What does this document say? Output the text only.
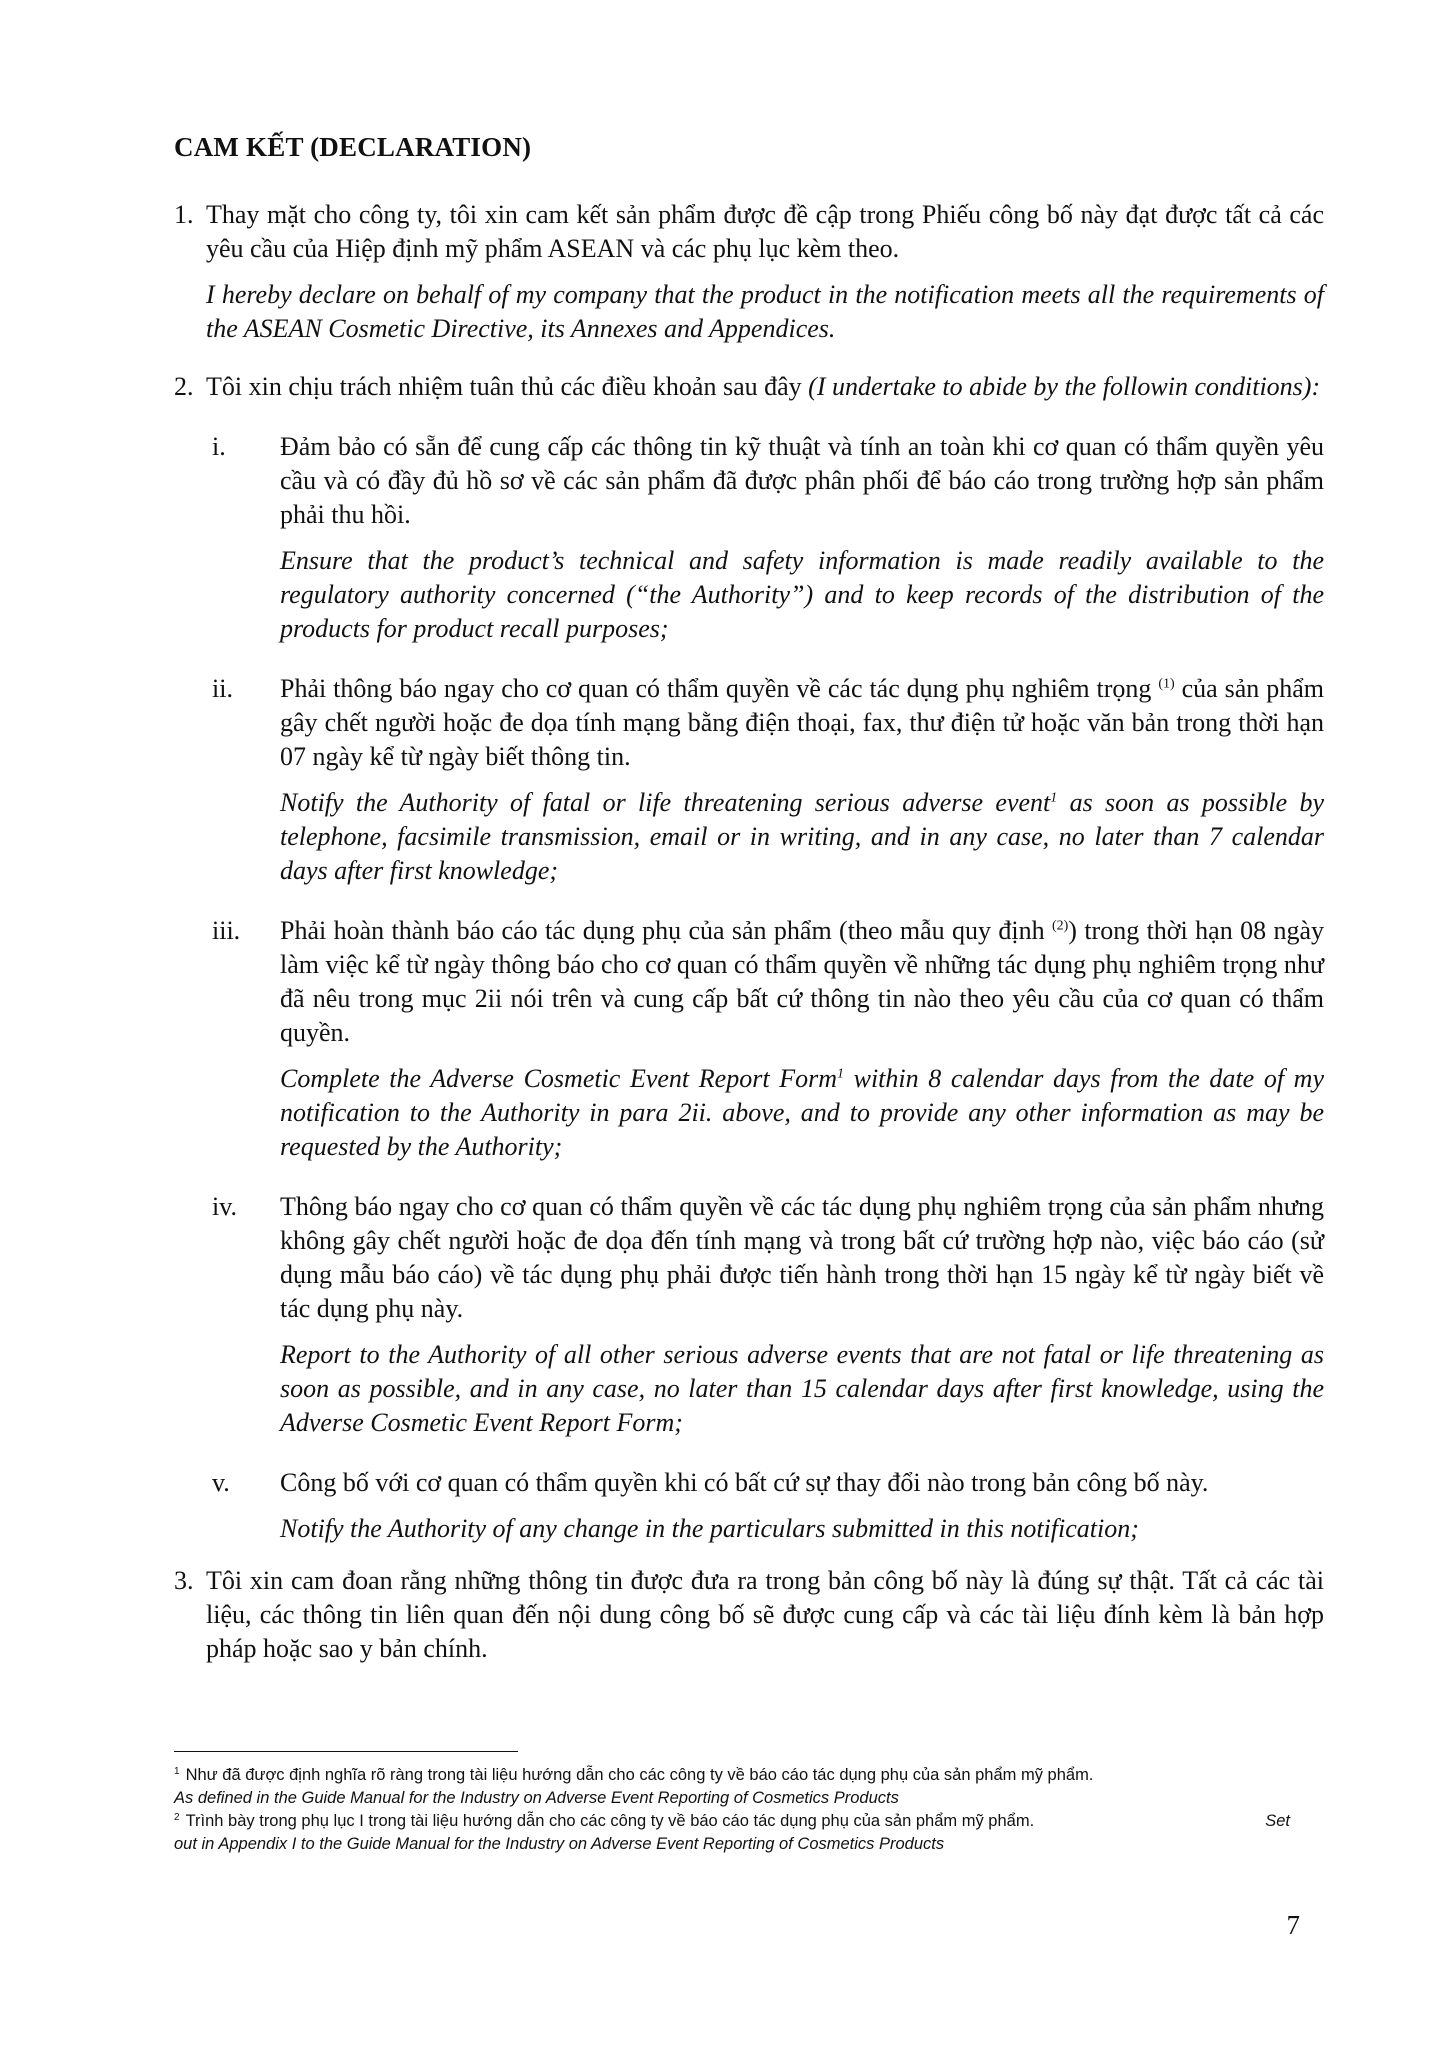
CAM KẾT (DECLARATION)
1. Thay mặt cho công ty, tôi xin cam kết sản phẩm được đề cập trong Phiếu công bố này đạt được tất cả các yêu cầu của Hiệp định mỹ phẩm ASEAN và các phụ lục kèm theo.

I hereby declare on behalf of my company that the product in the notification meets all the requirements of the ASEAN Cosmetic Directive, its Annexes and Appendices.

2. Tôi xin chịu trách nhiệm tuân thủ các điều khoản sau đây (I undertake to abide by the followin conditions):

i.	Đảm bảo có sẵn để cung cấp các thông tin kỹ thuật và tính an toàn khi cơ quan có thẩm quyền yêu cầu và có đầy đủ hồ sơ về các sản phẩm đã được phân phối để báo cáo trong trường hợp sản phẩm phải thu hồi.

Ensure that the product’s technical and safety information is made readily available to the regulatory authority concerned (“the Authority”) and to keep records of the distribution of the products for product recall purposes;

ii.	Phải thông báo ngay cho cơ quan có thẩm quyền về các tác dụng phụ nghiêm trọng $^{(1)}$ của sản phẩm gây chết người hoặc đe dọa tính mạng bằng điện thoại, fax, thư điện tử hoặc văn bản trong thời hạn 07 ngày kể từ ngày biết thông tin.

Notify the Authority of fatal or life threatening serious adverse event$^1$ as soon as possible by telephone, facsimile transmission, email or in writing, and in any case, no later than 7 calendar days after first knowledge;

iii.	Phải hoàn thành báo cáo tác dụng phụ của sản phẩm (theo mẫu quy định $^{(2)}$) trong thời hạn 08 ngày làm việc kể từ ngày thông báo cho cơ quan có thẩm quyền về những tác dụng phụ nghiêm trọng như đã nêu trong mục 2ii nói trên và cung cấp bất cứ thông tin nào theo yêu cầu của cơ quan có thẩm quyền.

Complete the Adverse Cosmetic Event Report Form$^1$ within 8 calendar days from the date of my notification to the Authority in para 2ii. above, and to provide any other information as may be requested by the Authority;

iv.	Thông báo ngay cho cơ quan có thẩm quyền về các tác dụng phụ nghiêm trọng của sản phẩm nhưng không gây chết người hoặc đe dọa đến tính mạng và trong bất cứ trường hợp nào, việc báo cáo (sử dụng mẫu báo cáo) về tác dụng phụ phải được tiến hành trong thời hạn 15 ngày kể từ ngày biết về tác dụng phụ này.

Report to the Authority of all other serious adverse events that are not fatal or life threatening as soon as possible, and in any case, no later than 15 calendar days after first knowledge, using the Adverse Cosmetic Event Report Form;

v.	Công bố với cơ quan có thẩm quyền khi có bất cứ sự thay đổi nào trong bản công bố này.

Notify the Authority of any change in the particulars submitted in this notification;

3. Tôi xin cam đoan rằng những thông tin được đưa ra trong bản công bố này là đúng sự thật. Tất cả các tài liệu, các thông tin liên quan đến nội dung công bố sẽ được cung cấp và các tài liệu đính kèm là bản hợp pháp hoặc sao y bản chính.

$^1$ Như đã được định nghĩa rõ ràng trong tài liệu hướng dẫn cho các công ty về báo cáo tác dụng phụ của sản phẩm mỹ phẩm.

As defined in the Guide Manual for the Industry on Adverse Event Reporting of Cosmetics Products

$^2$ Trình bày trong phụ lục I trong tài liệu hướng dẫn cho các công ty về báo cáo tác dụng phụ của sản phẩm mỹ phẩm.	Set

out in Appendix I to the Guide Manual for the Industry on Adverse Event Reporting of Cosmetics Products

7
